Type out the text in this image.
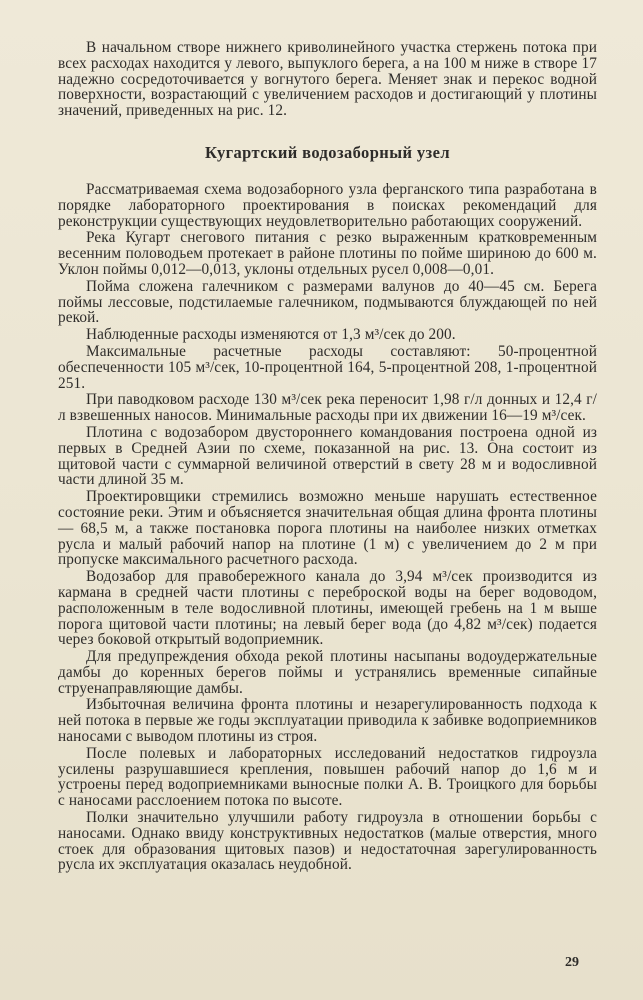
В начальном створе нижнего криволинейного участка стержень потока при всех расходах находится у левого, выпуклого берега, а на 100 м ниже в створе 17 надежно сосредоточивается у вогнутого берега. Меняет знак и перекос водной поверхности, возрастающий с увеличением расходов и достигающий у плотины значений, приведенных на рис. 12.

Кугартский водозаборный узел

Рассматриваемая схема водозаборного узла ферганского типа разработана в порядке лабораторного проектирования в поисках рекомендаций для реконструкции существующих неудовлетворительно работающих сооружений.

Река Кугарт снегового питания с резко выраженным кратковременным весенним половодьем протекает в районе плотины по пойме шириною до 600 м. Уклон поймы 0,012—0,013, уклоны отдельных русел 0,008—0,01.

Пойма сложена галечником с размерами валунов до 40—45 см. Берега поймы лессовые, подстилаемые галечником, подмываются блуждающей по ней рекой.

Наблюденные расходы изменяются от 1,3 м³/сек до 200.

Максимальные расчетные расходы составляют: 50-процентной обеспеченности 105 м³/сек, 10-процентной 164, 5-процентной 208, 1-процентной 251.

При паводковом расходе 130 м³/сек река переносит 1,98 г/л донных и 12,4 г/л взвешенных наносов. Минимальные расходы при их движении 16—19 м³/сек.

Плотина с водозабором двустороннего командования построена одной из первых в Средней Азии по схеме, показанной на рис. 13. Она состоит из щитовой части с суммарной величиной отверстий в свету 28 м и водосливной части длиной 35 м.

Проектировщики стремились возможно меньше нарушать естественное состояние реки. Этим и объясняется значительная общая длина фронта плотины — 68,5 м, а также постановка порога плотины на наиболее низких отметках русла и малый рабочий напор на плотине (1 м) с увеличением до 2 м при пропуске максимального расчетного расхода.

Водозабор для правобережного канала до 3,94 м³/сек производится из кармана в средней части плотины с переброской воды на берег водоводом, расположенным в теле водосливной плотины, имеющей гребень на 1 м выше порога щитовой части плотины; на левый берег вода (до 4,82 м³/сек) подается через боковой открытый водоприемник.

Для предупреждения обхода рекой плотины насыпаны водоудержательные дамбы до коренных берегов поймы и устранялись временные сипайные струенаправляющие дамбы.

Избыточная величина фронта плотины и незарегулированность подхода к ней потока в первые же годы эксплуатации приводила к забивке водоприемников наносами с выводом плотины из строя.

После полевых и лабораторных исследований недостатков гидроузла усилены разрушавшиеся крепления, повышен рабочий напор до 1,6 м и устроены перед водоприемниками выносные полки А. В. Троицкого для борьбы с наносами расслоением потока по высоте.

Полки значительно улучшили работу гидроузла в отношении борьбы с наносами. Однако ввиду конструктивных недостатков (малые отверстия, много стоек для образования щитовых пазов) и недостаточная зарегулированность русла их эксплуатация оказалась неудобной.

29
